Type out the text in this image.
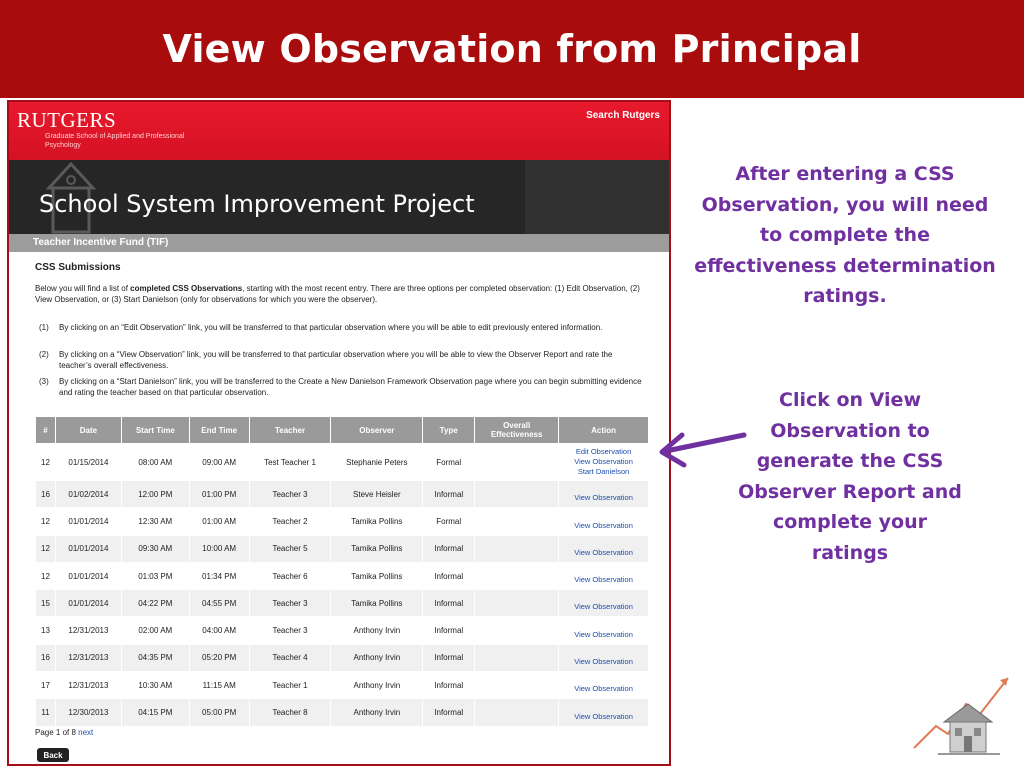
View Observation from Principal
RUTGERS
Graduate School of Applied and Professional Psychology
Search Rutgers
School System Improvement Project
Teacher Incentive Fund (TIF)
CSS Submissions
Below you will find a list of completed CSS Observations, starting with the most recent entry. There are three options per completed observation: (1) Edit Observation, (2) View Observation, or (3) Start Danielson (only for observations for which you were the observer).
(1) By clicking on an “Edit Observation” link, you will be transferred to that particular observation where you will be able to edit previously entered information.
(2) By clicking on a “View Observation” link, you will be transferred to that particular observation where you will be able to view the Observer Report and rate the teacher’s overall effectiveness.
(3) By clicking on a “Start Danielson” link, you will be transferred to the Create a New Danielson Framework Observation page where you can begin submitting evidence and rating the teacher based on that particular observation.
#	Date	Start Time	End Time	Teacher	Observer	Type	Overall Effectiveness	Action
12	01/15/2014	08:00 AM	09:00 AM	Test Teacher 1	Stephanie Peters	Formal		Edit Observation
View Observation
Start Danielson

16	01/02/2014	12:00 PM	01:00 PM	Teacher 3	Steve Heisler	Informal		View Observation

12	01/01/2014	12:30 AM	01:00 AM	Teacher 2	Tamika Pollins	Formal		View Observation

12	01/01/2014	09:30 AM	10:00 AM	Teacher 5	Tamika Pollins	Informal		View Observation

12	01/01/2014	01:03 PM	01:34 PM	Teacher 6	Tamika Pollins	Informal		View Observation

15	01/01/2014	04:22 PM	04:55 PM	Teacher 3	Tamika Pollins	Informal		View Observation

13	12/31/2013	02:00 AM	04:00 AM	Teacher 3	Anthony Irvin	Informal		View Observation

16	12/31/2013	04:35 PM	05:20 PM	Teacher 4	Anthony Irvin	Informal		View Observation

17	12/31/2013	10:30 AM	11:15 AM	Teacher 1	Anthony Irvin	Informal		View Observation

11	12/30/2013	04:15 PM	05:00 PM	Teacher 8	Anthony Irvin	Informal		View Observation
Page 1 of 8 next
Back
After entering a CSS Observation, you will need to complete the effectiveness determination ratings.
Click on View Observation to generate the CSS Observer Report and complete your ratings
